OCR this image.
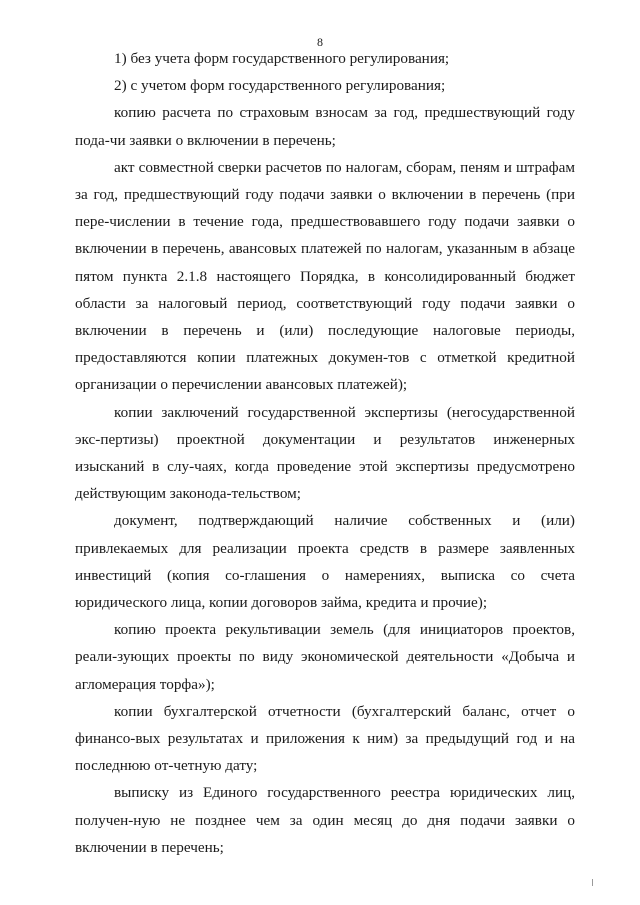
8

1) без учета форм государственного регулирования;

2) с учетом форм государственного регулирования;

копию расчета по страховым взносам за год, предшествующий году пода-чи заявки о включении в перечень;

акт совместной сверки расчетов по налогам, сборам, пеням и штрафам за год, предшествующий году подачи заявки о включении в перечень (при пере-числении в течение года, предшествовавшего году подачи заявки о включении в перечень, авансовых платежей по налогам, указанным в абзаце пятом пункта 2.1.8 настоящего Порядка, в консолидированный бюджет области за налоговый период, соответствующий году подачи заявки о включении в перечень и (или) последующие налоговые периоды, предоставляются копии платежных докумен-тов с отметкой кредитной организации о перечислении авансовых платежей);

копии заключений государственной экспертизы (негосударственной экс-пертизы) проектной документации и результатов инженерных изысканий в слу-чаях, когда проведение этой экспертизы предусмотрено действующим законода-тельством;

документ, подтверждающий наличие собственных и (или) привлекаемых для реализации проекта средств в размере заявленных инвестиций (копия со-глашения о намерениях, выписка со счета юридического лица, копии договоров займа, кредита и прочие);

копию проекта рекультивации земель (для инициаторов проектов, реали-зующих проекты по виду экономической деятельности «Добыча и агломерация торфа»);

копии бухгалтерской отчетности (бухгалтерский баланс, отчет о финансо-вых результатах и приложения к ним) за предыдущий год и на последнюю от-четную дату;

выписку из Единого государственного реестра юридических лиц, получен-ную не позднее чем за один месяц до дня подачи заявки о включении в перечень;
